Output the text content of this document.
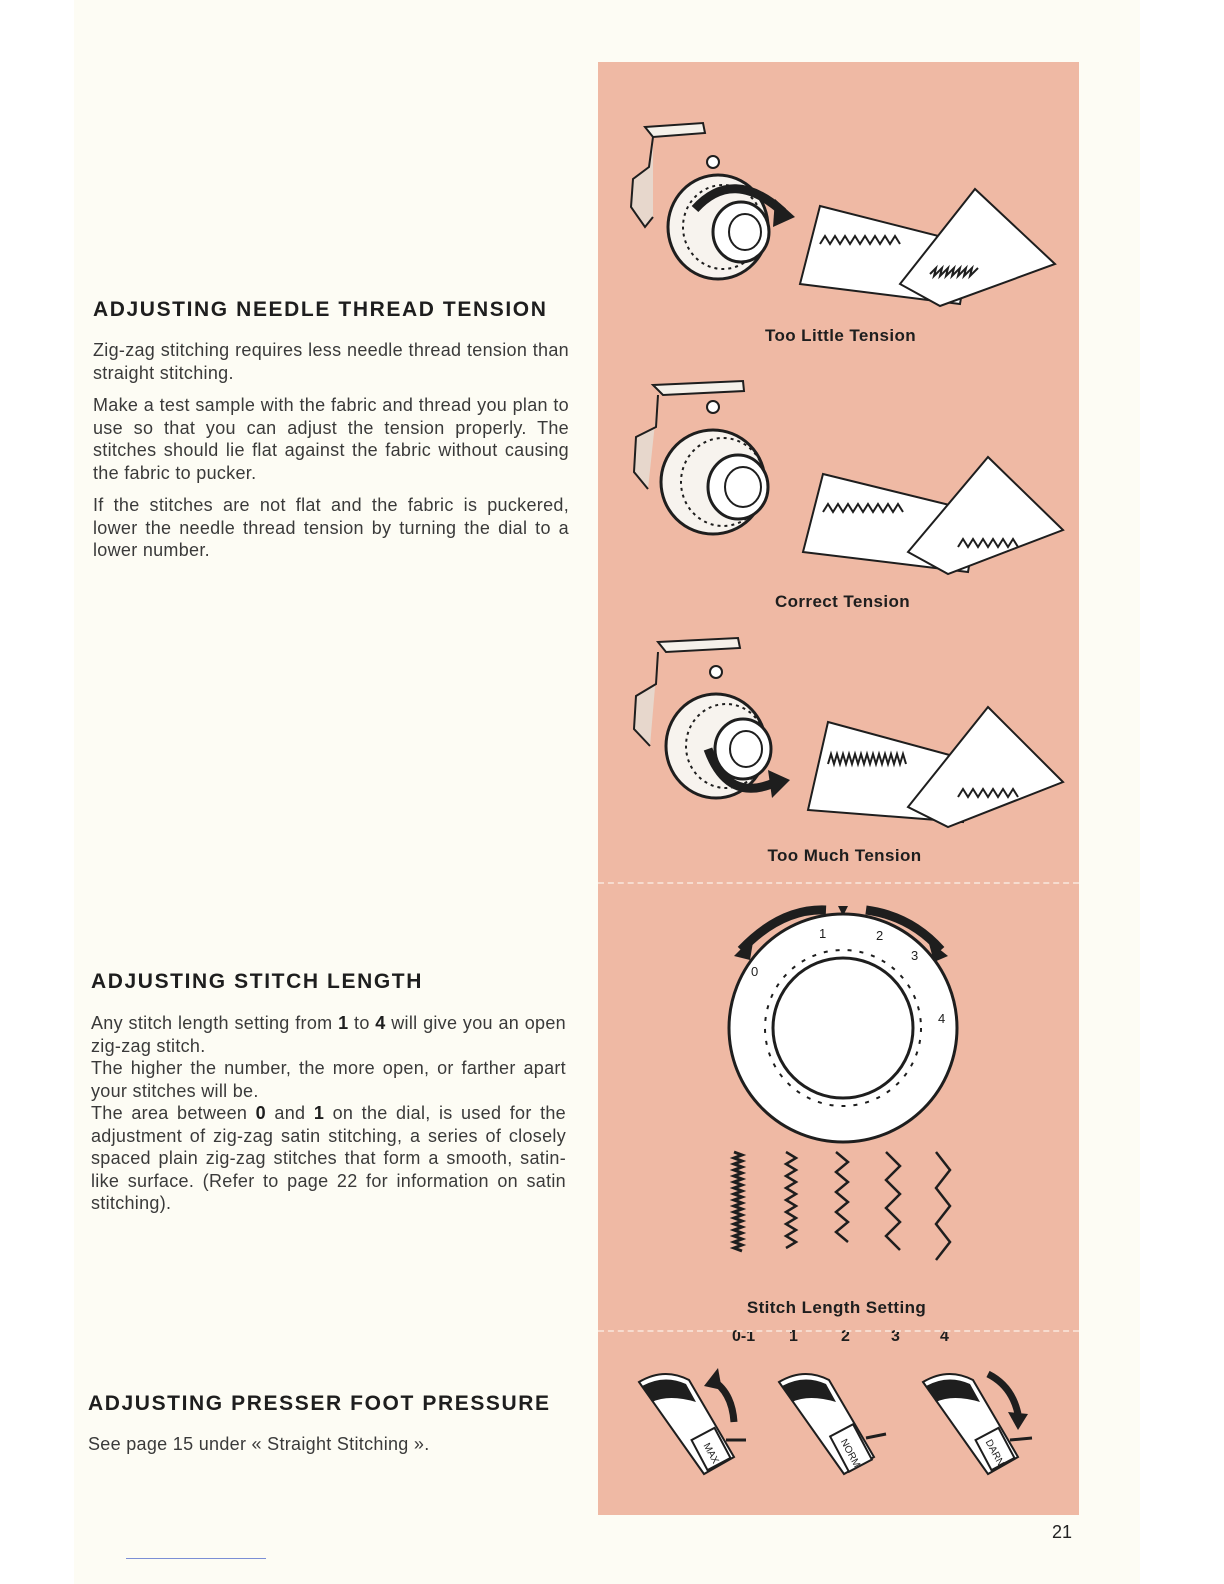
ADJUSTING NEEDLE THREAD TENSION

Zig-zag stitching requires less needle thread tension than straight stitching.

Make a test sample with the fabric and thread you plan to use so that you can adjust the tension properly. The stitches should lie flat against the fabric without causing the fabric to pucker.

If the stitches are not flat and the fabric is puckered, lower the needle thread tension by turning the dial to a lower number.

ADJUSTING STITCH LENGTH

Any stitch length setting from 1 to 4 will give you an open zig-zag stitch.

The higher the number, the more open, or farther apart your stitches will be.

The area between 0 and 1 on the dial, is used for the adjustment of zig-zag satin stitching, a series of closely spaced plain zig-zag stitches that form a smooth, satin-like surface. (Refer to page 22 for information on satin stitching).

ADJUSTING PRESSER FOOT PRESSURE
See page 15 under « Straight Stitching ».
Too Little Tension
Correct Tension
Too Much Tension
0
1	2
3
4
0-1 1	2	3	4
Stitch Length Setting
MAX	NORM	DARN
21
